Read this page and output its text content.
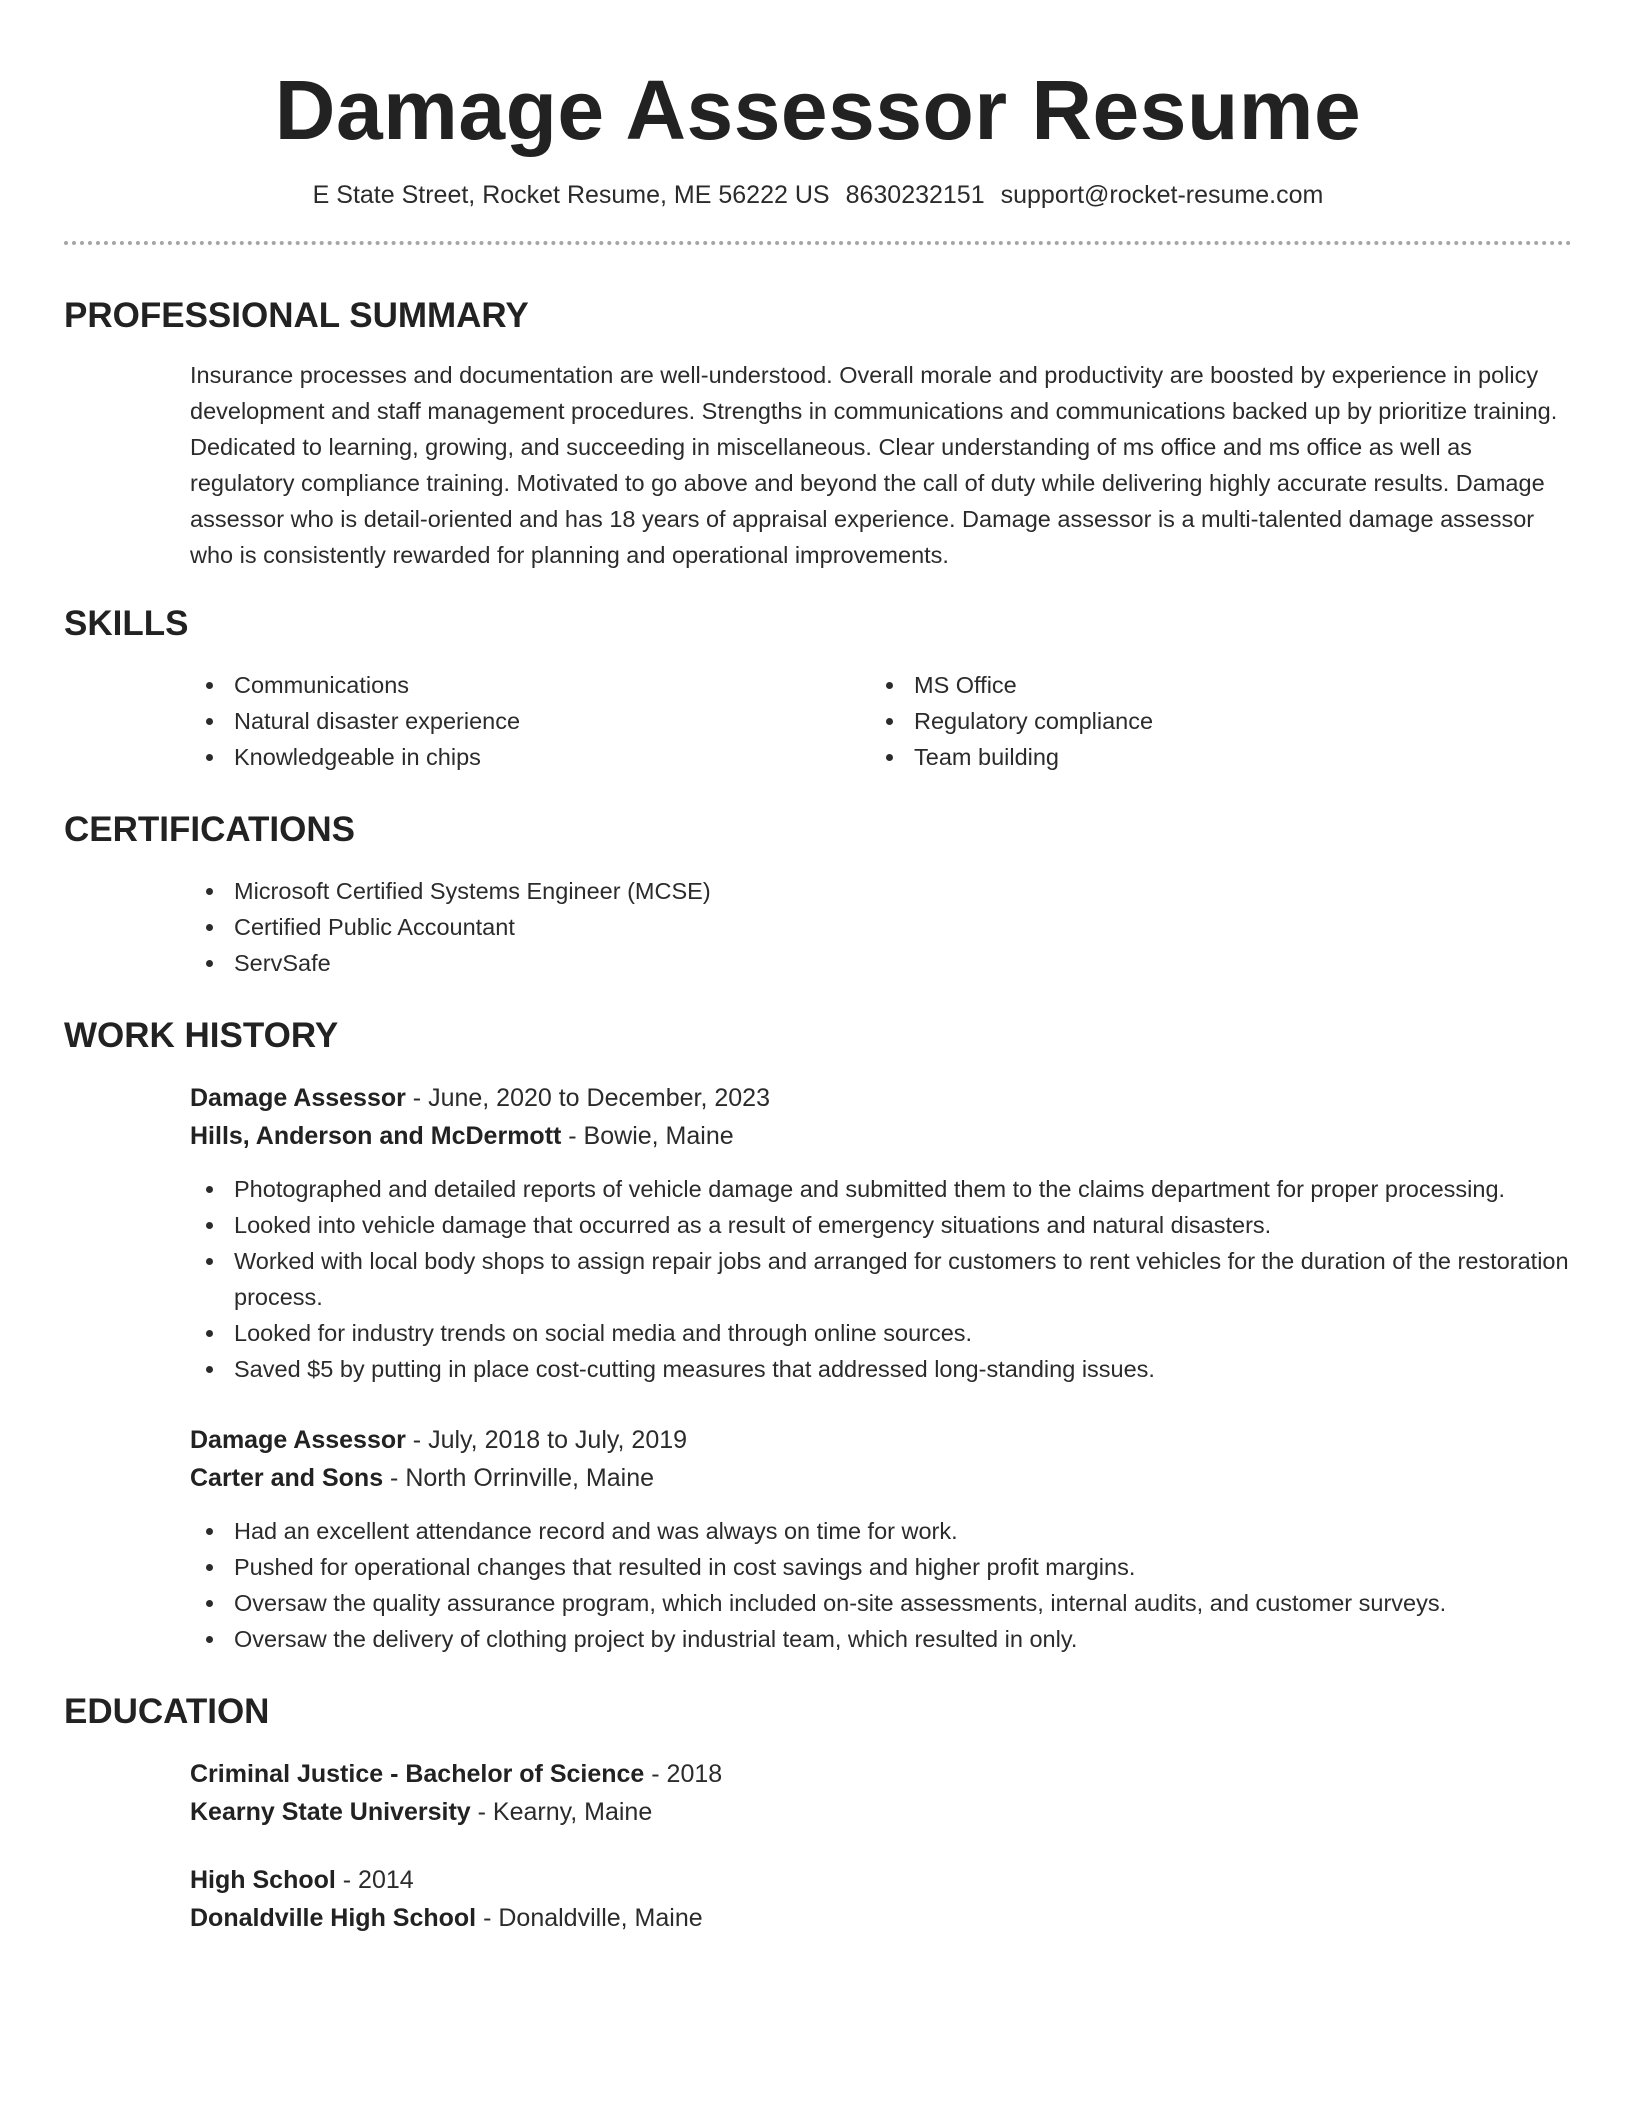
Damage Assessor Resume
E State Street, Rocket Resume, ME 56222 US 8630232151 support@rocket-resume.com
PROFESSIONAL SUMMARY

Insurance processes and documentation are well-understood. Overall morale and productivity are boosted by experience in policy development and staff management procedures. Strengths in communications and communications backed up by prioritize training. Dedicated to learning, growing, and succeeding in miscellaneous. Clear understanding of ms office and ms office as well as regulatory compliance training. Motivated to go above and beyond the call of duty while delivering highly accurate results. Damage assessor who is detail-oriented and has 18 years of appraisal experience. Damage assessor is a multi-talented damage assessor who is consistently rewarded for planning and operational improvements.

SKILLS
Communications
Natural disaster experience
Knowledgeable in chips
MS Office
Regulatory compliance
Team building
CERTIFICATIONS
Microsoft Certified Systems Engineer (MCSE)
Certified Public Accountant
ServSafe
WORK HISTORY
Damage Assessor - June, 2020 to December, 2023
Hills, Anderson and McDermott - Bowie, Maine
Photographed and detailed reports of vehicle damage and submitted them to the claims department for proper processing.
Looked into vehicle damage that occurred as a result of emergency situations and natural disasters.
Worked with local body shops to assign repair jobs and arranged for customers to rent vehicles for the duration of the restoration process.
Looked for industry trends on social media and through online sources.
Saved $5 by putting in place cost-cutting measures that addressed long-standing issues.
Damage Assessor - July, 2018 to July, 2019
Carter and Sons - North Orrinville, Maine
Had an excellent attendance record and was always on time for work.
Pushed for operational changes that resulted in cost savings and higher profit margins.
Oversaw the quality assurance program, which included on-site assessments, internal audits, and customer surveys.
Oversaw the delivery of clothing project by industrial team, which resulted in only.
EDUCATION
Criminal Justice - Bachelor of Science - 2018
Kearny State University - Kearny, Maine
High School - 2014
Donaldville High School - Donaldville, Maine
